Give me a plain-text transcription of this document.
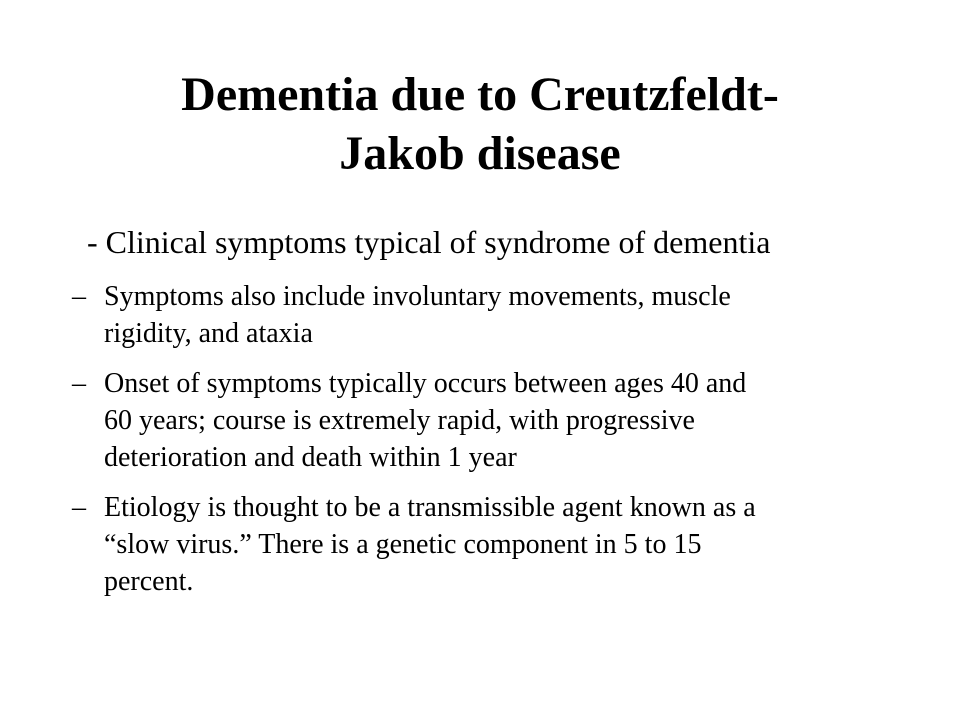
Dementia due to Creutzfeldt-
Jakob disease

- Clinical symptoms typical of syndrome of dementia

– Symptoms also include involuntary movements, muscle
rigidity, and ataxia
– Onset of symptoms typically occurs between ages 40 and
60 years; course is extremely rapid, with progressive
deterioration and death within 1 year
– Etiology is thought to be a transmissible agent known as a
“slow virus.” There is a genetic component in 5 to 15
percent.
